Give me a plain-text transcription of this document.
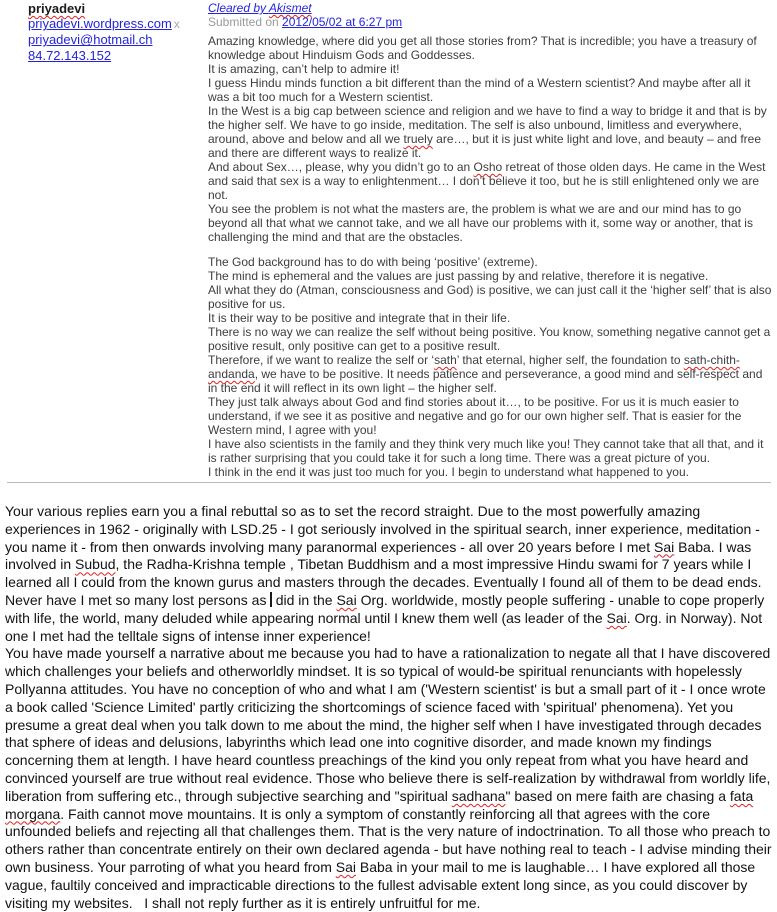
priyadevi
priyadevi.wordpress.com x
priyadevi@hotmail.ch
84.72.143.152
Cleared by Akismet
Submitted on 2012/05/02 at 6:27 pm
Amazing knowledge, where did you get all those stories from? That is incredible; you have a treasury of knowledge about Hinduism Gods and Goddesses.
It is amazing, can’t help to admire it!
I guess Hindu minds function a bit different than the mind of a Western scientist? And maybe after all it was a bit too much for a Western scientist.
In the West is a big cap between science and religion and we have to find a way to bridge it and that is by the higher self. We have to go inside, meditation. The self is also unbound, limitless and everywhere, around, above and below and all we truely are…, but it is just white light and love, and beauty – and free and there are different ways to realize it.
And about Sex…, please, why you didn’t go to an Osho retreat of those olden days. He came in the West and said that sex is a way to enlightenment… I don’t believe it too, but he is still enlightened only we are not.
You see the problem is not what the masters are, the problem is what we are and our mind has to go beyond all that what we cannot take, and we all have our problems with it, some way or another, that is challenging the mind and that are the obstacles.
The God background has to do with being ‘positive’ (extreme).
The mind is ephemeral and the values are just passing by and relative, therefore it is negative.
All what they do (Atman, consciousness and God) is positive, we can just call it the ‘higher self’ that is also positive for us.
It is their way to be positive and integrate that in their life.
There is no way we can realize the self without being positive. You know, something negative cannot get a positive result, only positive can get to a positive result.
Therefore, if we want to realize the self or ‘sath’ that eternal, higher self, the foundation to sath-chith-andanda, we have to be positive. It needs patience and perseverance, a good mind and self-respect and in the end it will reflect in its own light – the higher self.
They just talk always about God and find stories about it…, to be positive. For us it is much easier to understand, if we see it as positive and negative and go for our own higher self. That is easier for the Western mind, I agree with you!
I have also scientists in the family and they think very much like you! They cannot take that all that, and it is rather surprising that you could take it for such a long time. There was a great picture of you.
I think in the end it was just too much for you. I begin to understand what happened to you.
Your various replies earn you a final rebuttal so as to set the record straight. Due to the most powerfully amazing experiences in 1962 - originally with LSD.25 - I got seriously involved in the spiritual search, inner experience, meditation - you name it - from then onwards involving many paranormal experiences - all over 20 years before I met Sai Baba. I was involved in Subud, the Radha-Krishna temple , Tibetan Buddhism and a most impressive Hindu swami for 7 years while I learned all I could from the known gurus and masters through the decades. Eventually I found all of them to be dead ends. Never have I met so many lost persons as  did in the Sai Org. worldwide, mostly people suffering - unable to cope properly with life, the world, many deluded while appearing normal until I knew them well (as leader of the Sai. Org. in Norway). Not one I met had the telltale signs of intense inner experience!
You have made yourself a narrative about me because you had to have a rationalization to negate all that I have discovered which challenges your beliefs and otherworldly mindset. It is so typical of would-be spiritual renunciants with hopelessly Pollyanna attitudes. You have no conception of who and what I am ('Western scientist' is but a small part of it - I once wrote a book called 'Science Limited' partly criticizing the shortcomings of science faced with 'spiritual' phenomena). Yet you presume a great deal when you talk down to me about the mind, the higher self when I have investigated through decades that sphere of ideas and delusions, labyrinths which lead one into cognitive disorder, and made known my findings concerning them at length. I have heard countless preachings of the kind you only repeat from what you have heard and convinced yourself are true without real evidence. Those who believe there is self-realization by withdrawal from worldly life, liberation from suffering etc., through subjective searching and "spiritual sadhana" based on mere faith are chasing a fata morgana. Faith cannot move mountains. It is only a symptom of constantly reinforcing all that agrees with the core unfounded beliefs and rejecting all that challenges them. That is the very nature of indoctrination. To all those who preach to others rather than concentrate entirely on their own declared agenda - but have nothing real to teach - I advise minding their own business. Your parroting of what you heard from Sai Baba in your mail to me is laughable… I have explored all those vague, faultily conceived and impracticable directions to the fullest advisable extent long since, as you could discover by visiting my websites.   I shall not reply further as it is entirely unfruitful for me.
